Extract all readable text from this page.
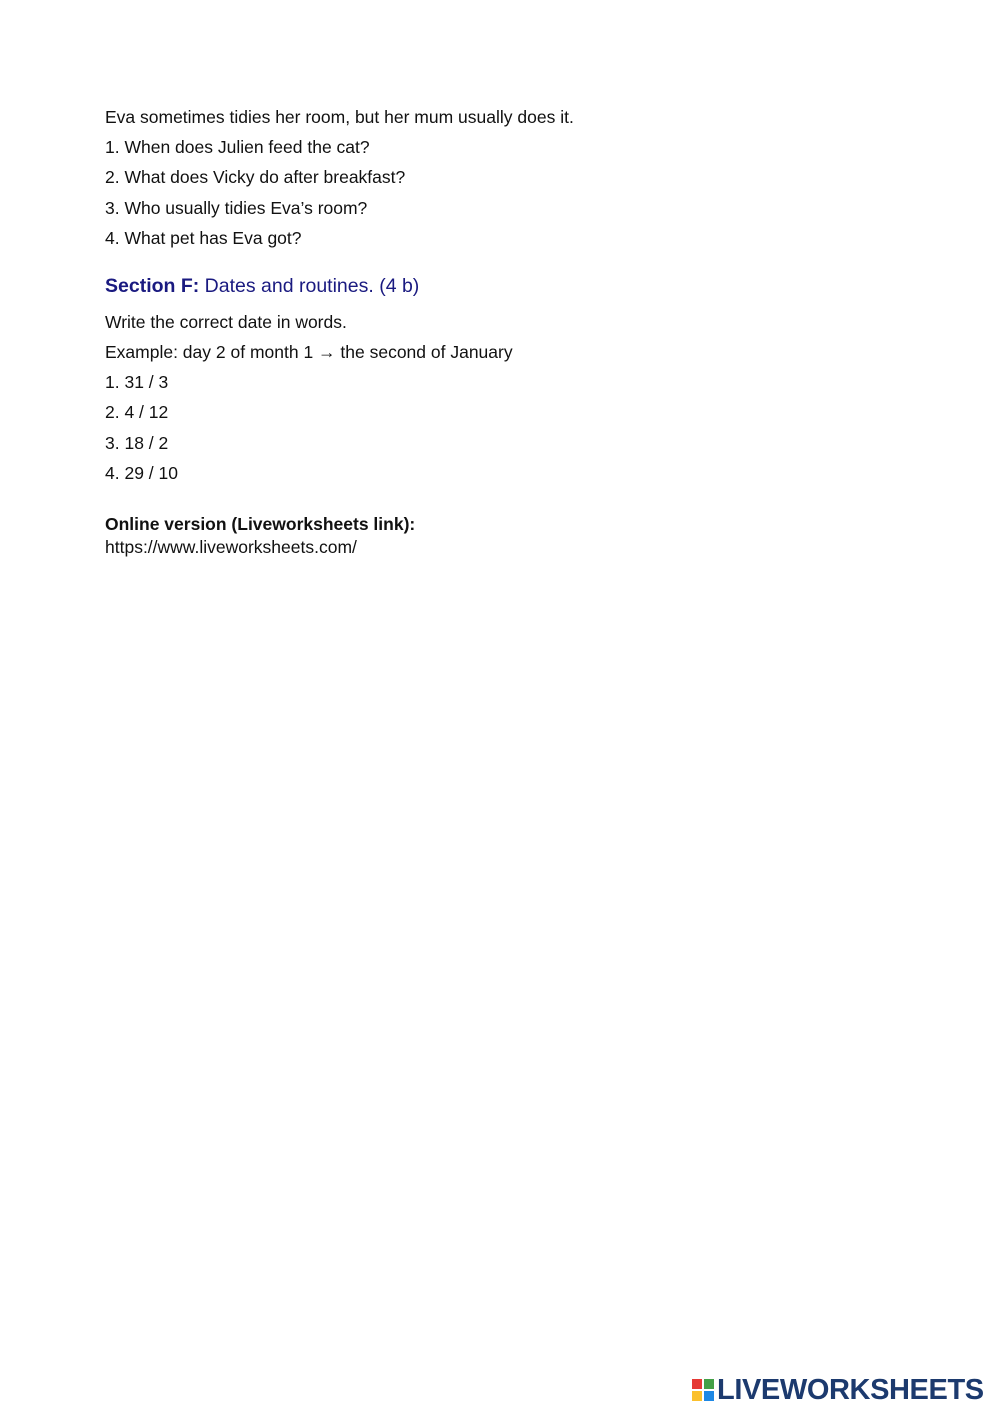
Eva sometimes tidies her room, but her mum usually does it.
1. When does Julien feed the cat?
2. What does Vicky do after breakfast?
3. Who usually tidies Eva’s room?
4. What pet has Eva got?
Section F: Dates and routines. (4 b)
Write the correct date in words.
Example: day 2 of month 1 → the second of January
1. 31 / 3
2. 4 / 12
3. 18 / 2
4. 29 / 10
Online version (Liveworksheets link):
https://www.liveworksheets.com/
LIVEWORKSHEETS
